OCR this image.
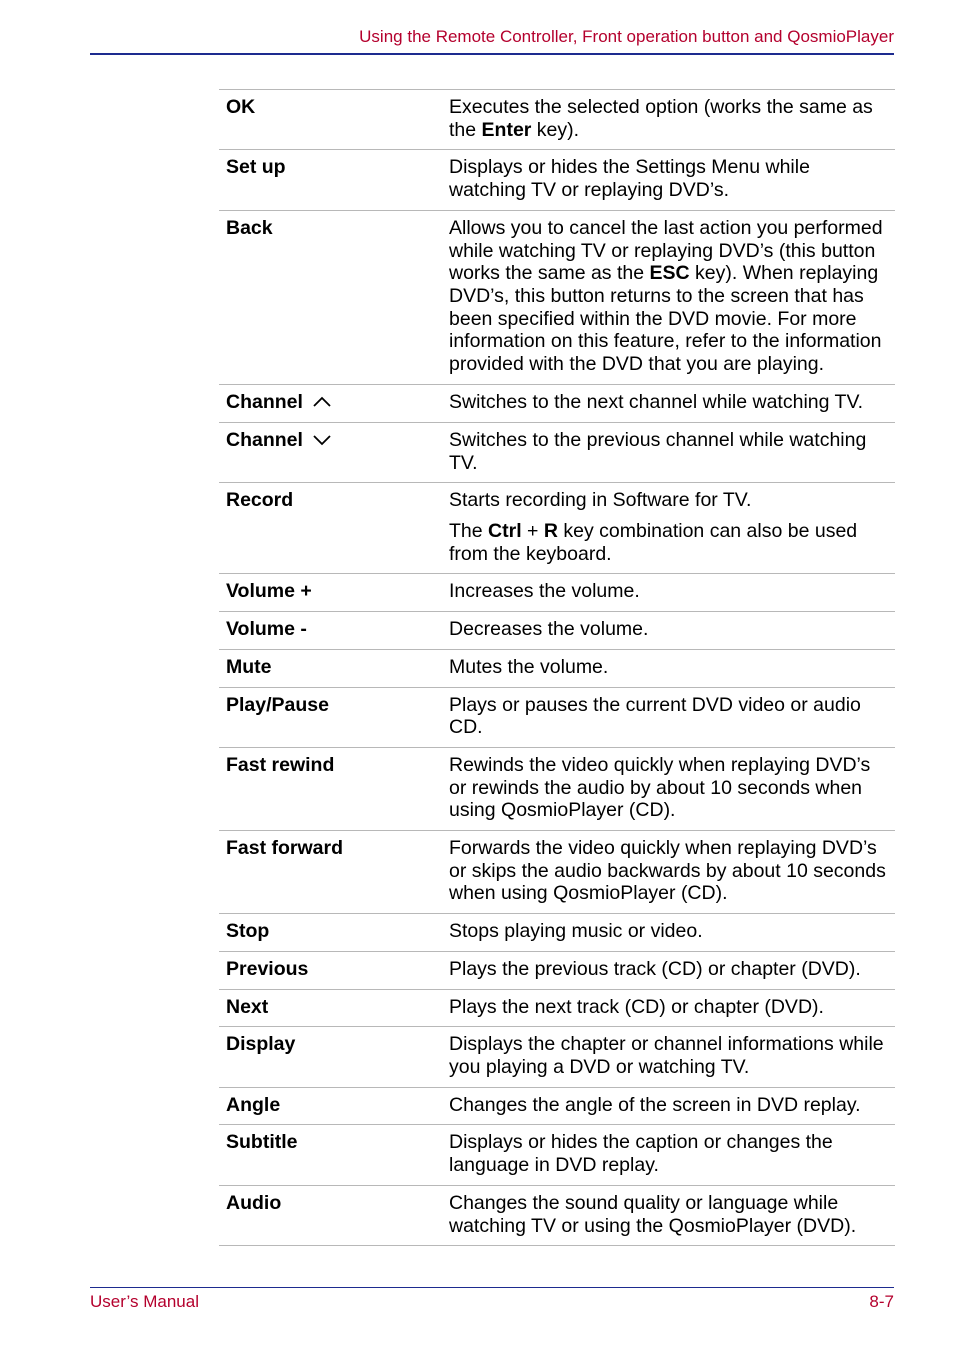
Using the Remote Controller, Front operation button and QosmioPlayer
OK	Executes the selected option (works the same as the Enter key).
Set up	Displays or hides the Settings Menu while watching TV or replaying DVD’s.
Back	Allows you to cancel the last action you performed while watching TV or replaying DVD’s (this button works the same as the ESC key). When replaying DVD’s, this button returns to the screen that has been specified within the DVD movie. For more information on this feature, refer to the information provided with the DVD that you are playing.
Channel	Switches to the next channel while watching TV.
Channel	Switches to the previous channel while watching TV.
Record	Starts recording in Software for TV.
The Ctrl + R key combination can also be used from the keyboard.

Volume +	Increases the volume.
Volume -	Decreases the volume.
Mute	Mutes the volume.
Play/Pause	Plays or pauses the current DVD video or audio CD.
Fast rewind	Rewinds the video quickly when replaying DVD’s or rewinds the audio by about 10 seconds when using QosmioPlayer (CD).
Fast forward	Forwards the video quickly when replaying DVD’s or skips the audio backwards by about 10 seconds when using QosmioPlayer (CD).
Stop	Stops playing music or video.
Previous	Plays the previous track (CD) or chapter (DVD).
Next	Plays the next track (CD) or chapter (DVD).
Display	Displays the chapter or channel informations while you playing a DVD or watching TV.
Angle	Changes the angle of the screen in DVD replay.
Subtitle	Displays or hides the caption or changes the language in DVD replay.
Audio	Changes the sound quality or language while watching TV or using the QosmioPlayer (DVD).
User’s Manual	8-7
